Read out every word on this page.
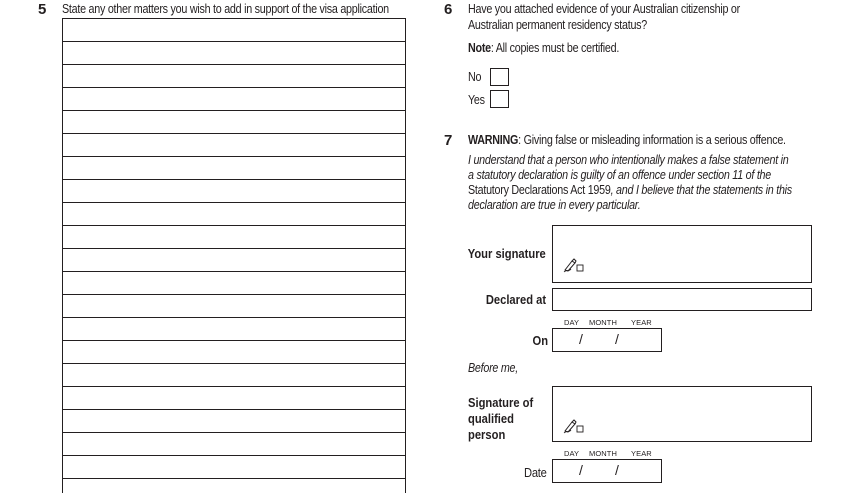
5 State any other matters you wish to add in support of the visa application	6 Have you attached evidence of your Australian citizenship or
Australian permanent residency status?
Note: All copies must be certified.
No
Yes
7 WARNING: Giving false or misleading information is a serious offence.
I understand that a person who intentionally makes a false statement in
a statutory declaration is guilty of an offence under section 11 of the
Statutory Declarations Act 1959, and I believe that the statements in this
declaration are true in every particular.
Your signature
Declared at
DAY MONTH YEAR
On / /
Before me,
Signature of
qualified
person
DAY MONTH YEAR
Date / /
